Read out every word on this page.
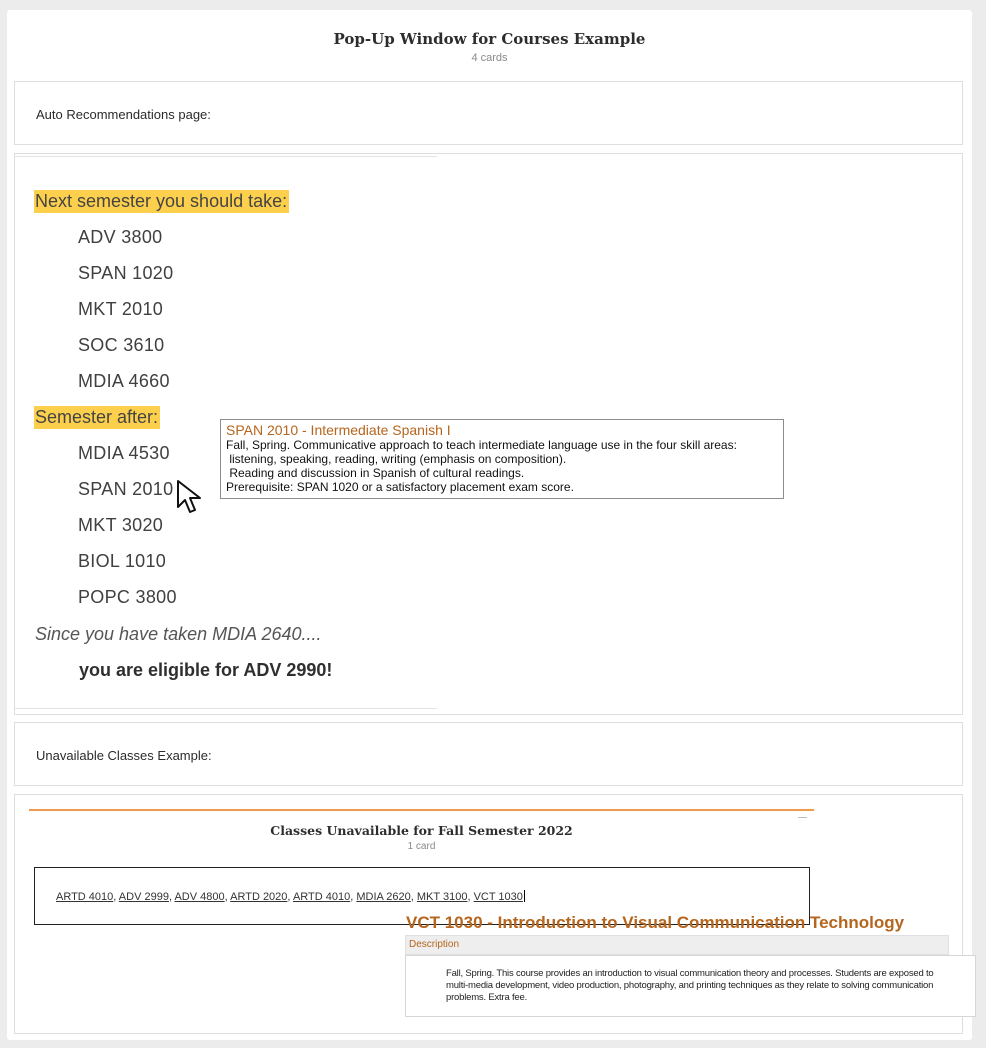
Pop-Up Window for Courses Example
4 cards
Auto Recommendations page:
Next semester you should take:
ADV 3800
SPAN 1020
MKT 2010
SOC 3610
MDIA 4660
Semester after:
MDIA 4530
SPAN 2010
MKT 3020
BIOL 1010
POPC 3800
Since you have taken MDIA 2640....
you are eligible for ADV 2990!
SPAN 2010 - Intermediate Spanish I
Fall, Spring. Communicative approach to teach intermediate language use in the four skill areas:
listening, speaking, reading, writing (emphasis on composition).
Reading and discussion in Spanish of cultural readings.
Prerequisite: SPAN 1020 or a satisfactory placement exam score.
Unavailable Classes Example:
Classes Unavailable for Fall Semester 2022
1 card
ARTD 4010, ADV 2999, ADV 4800, ARTD 2020, ARTD 4010, MDIA 2620, MKT 3100, VCT 1030
VCT 1030 - Introduction to Visual Communication Technology
Description
Fall, Spring. This course provides an introduction to visual communication theory and processes. Students are exposed to multi-media development, video production, photography, and printing techniques as they relate to solving communication problems. Extra fee.
